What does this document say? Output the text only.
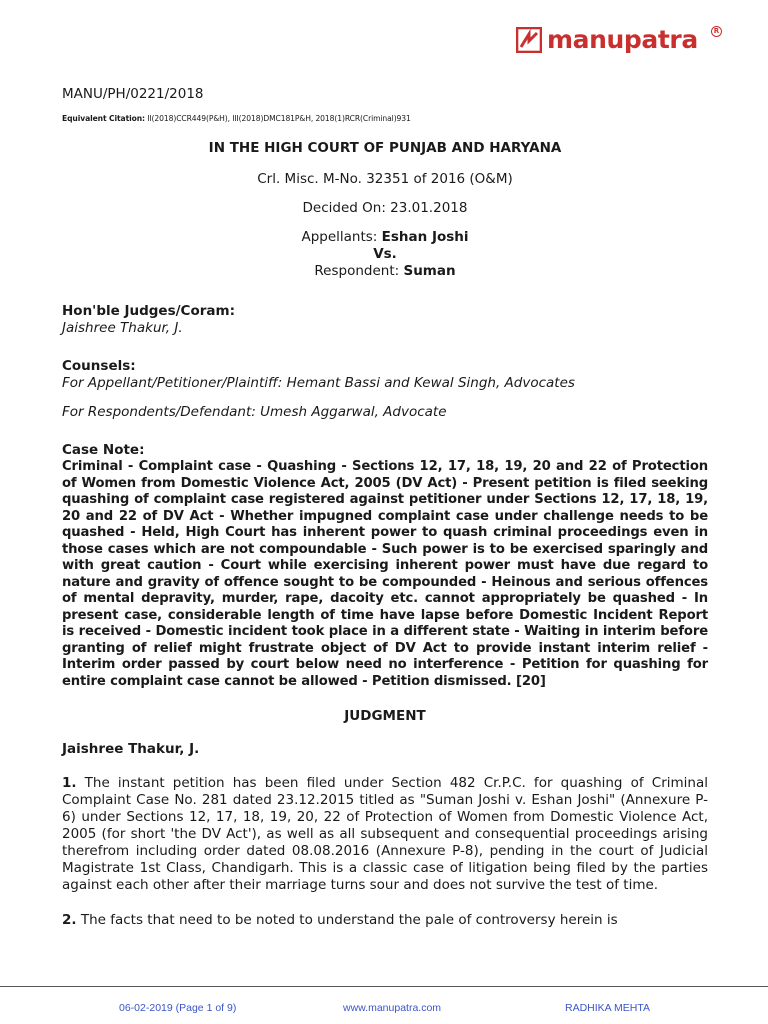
manupatra	R
MANU/PH/0221/2018
Equivalent Citation: II(2018)CCR449(P&H), III(2018)DMC181P&H, 2018(1)RCR(Criminal)931
IN THE HIGH COURT OF PUNJAB AND HARYANA
Crl. Misc. M-No. 32351 of 2016 (O&M)
Decided On: 23.01.2018
Appellants: Eshan Joshi
Vs.
Respondent: Suman
Hon'ble Judges/Coram:
Jaishree Thakur, J.
Counsels:
For Appellant/Petitioner/Plaintiff: Hemant Bassi and Kewal Singh, Advocates
For Respondents/Defendant: Umesh Aggarwal, Advocate
Case Note:
Criminal - Complaint case - Quashing - Sections 12, 17, 18, 19, 20 and 22 of Protection of Women from Domestic Violence Act, 2005 (DV Act) - Present petition is filed seeking quashing of complaint case registered against petitioner under Sections 12, 17, 18, 19, 20 and 22 of DV Act - Whether impugned complaint case under challenge needs to be quashed - Held, High Court has inherent power to quash criminal proceedings even in those cases which are not compoundable - Such power is to be exercised sparingly and with great caution - Court while exercising inherent power must have due regard to nature and gravity of offence sought to be compounded - Heinous and serious offences of mental depravity, murder, rape, dacoity etc. cannot appropriately be quashed - In present case, considerable length of time have lapse before Domestic Incident Report is received - Domestic incident took place in a different state - Waiting in interim before granting of relief might frustrate object of DV Act to provide instant interim relief - Interim order passed by court below need no interference - Petition for quashing for entire complaint case cannot be allowed - Petition dismissed. [20]
JUDGMENT
Jaishree Thakur, J.
1. The instant petition has been filed under Section 482 Cr.P.C. for quashing of Criminal Complaint Case No. 281 dated 23.12.2015 titled as "Suman Joshi v. Eshan Joshi" (Annexure P-6) under Sections 12, 17, 18, 19, 20, 22 of Protection of Women from Domestic Violence Act, 2005 (for short 'the DV Act'), as well as all subsequent and consequential proceedings arising therefrom including order dated 08.08.2016 (Annexure P-8), pending in the court of Judicial Magistrate 1st Class, Chandigarh. This is a classic case of litigation being filed by the parties against each other after their marriage turns sour and does not survive the test of time.
2. The facts that need to be noted to understand the pale of controversy herein is
06-02-2019 (Page 1 of 9)	www.manupatra.com	RADHIKA MEHTA
